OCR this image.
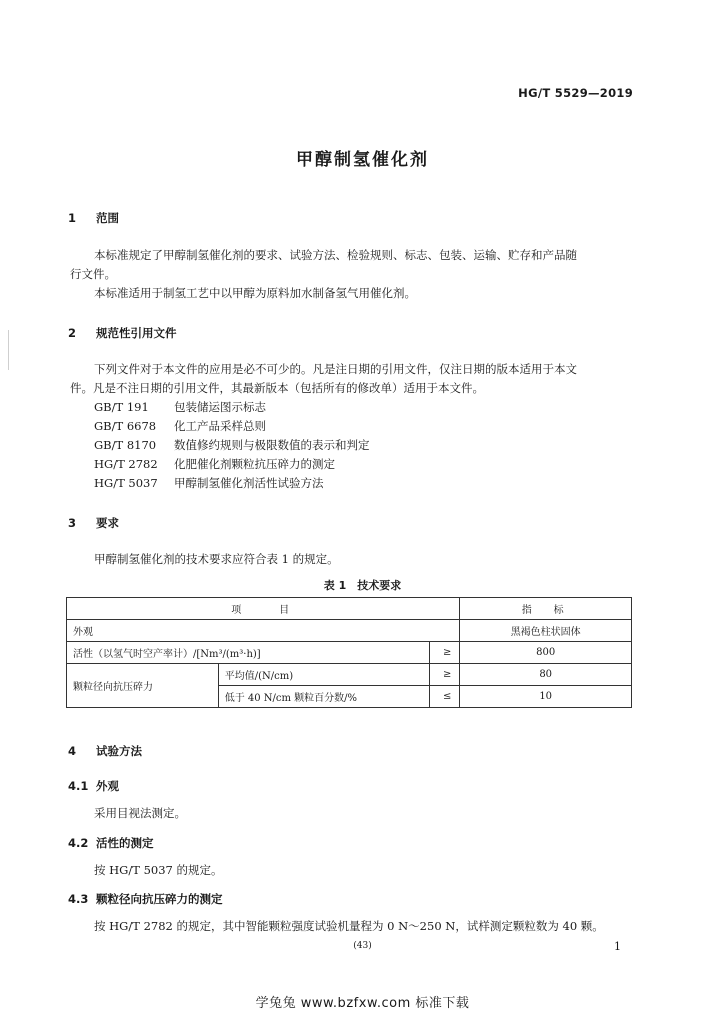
HG/T 5529—2019
甲醇制氢催化剂
1 范围
本标准规定了甲醇制氢催化剂的要求、试验方法、检验规则、标志、包装、运输、贮存和产品随
行文件。
本标准适用于制氢工艺中以甲醇为原料加水制备氢气用催化剂。
2 规范性引用文件
下列文件对于本文件的应用是必不可少的。凡是注日期的引用文件，仅注日期的版本适用于本文
件。凡是不注日期的引用文件，其最新版本（包括所有的修改单）适用于本文件。
GB/T 191 包装储运图示标志
GB/T 6678 化工产品采样总则
GB/T 8170 数值修约规则与极限数值的表示和判定
HG/T 2782 化肥催化剂颗粒抗压碎力的测定
HG/T 5037 甲醇制氢催化剂活性试验方法
3 要求
甲醇制氢催化剂的技术要求应符合表 1 的规定。
表 1　技术要求
项　　目			指　标
外观			黑褐色柱状固体
活性（以氢气时空产率计）/[Nm³/(m³·h)]		≥	800
颗粒径向抗压碎力	平均值/(N/cm)	≥	80
	低于 40 N/cm 颗粒百分数/%	≤	10
4 试验方法
4.1 外观
采用目视法测定。
4.2 活性的测定
按 HG/T 5037 的规定。
4.3 颗粒径向抗压碎力的测定
按 HG/T 2782 的规定，其中智能颗粒强度试验机量程为 0 N～250 N，试样测定颗粒数为 40 颗。
(43)	1
学兔兔 www.bzfxw.com 标准下载
